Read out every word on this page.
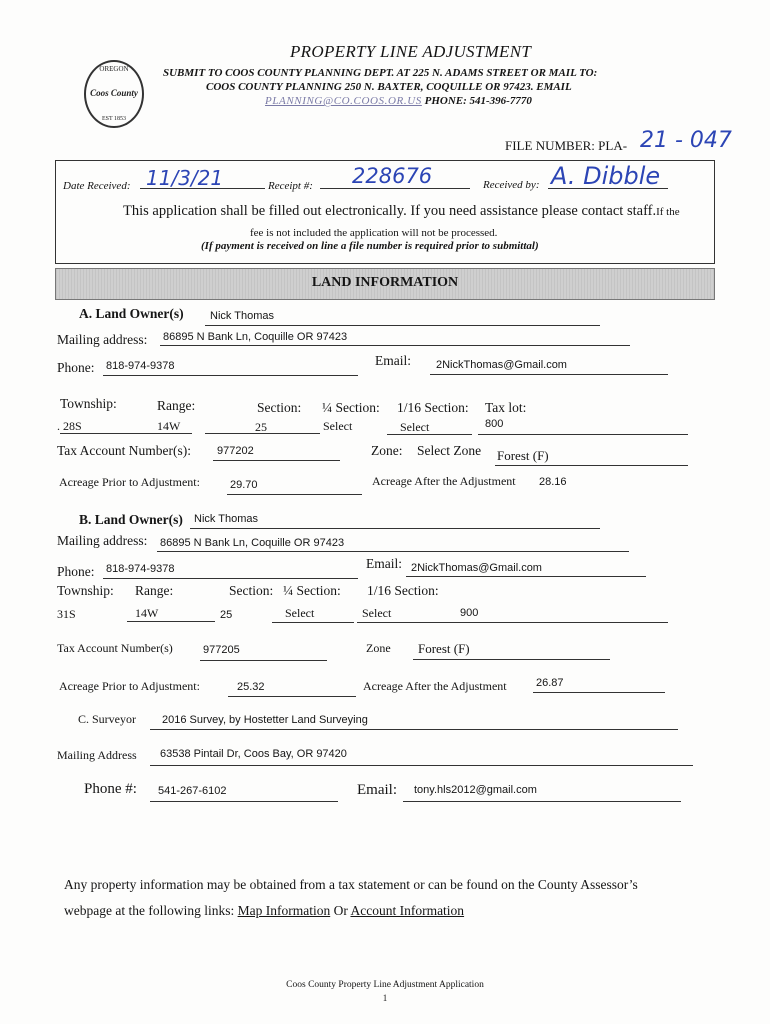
OREGON
Coos County
EST 1853
PROPERTY LINE ADJUSTMENT
SUBMIT TO COOS COUNTY PLANNING DEPT. AT 225 N. ADAMS STREET OR MAIL TO:
COOS COUNTY PLANNING 250 N. BAXTER, COQUILLE OR 97423. EMAIL
PLANNING@CO.COOS.OR.US PHONE: 541-396-7770
FILE NUMBER: PLA- 21 - 047
Date Received: 11/3/21	Receipt #: 228676	Received by: A. Dibble
This application shall be filled out electronically. If you need assistance please contact staff.If the
fee is not included the application will not be processed.
(If payment is received on line a file number is required prior to submittal)
LAND INFORMATION
A. Land Owner(s) Nick Thomas
Mailing address: 86895 N Bank Ln, Coquille OR 97423
Phone: 818-974-9378	Email: 2NickThomas@Gmail.com
Township:	Range:	Section: ¼ Section: 1/16 Section: Tax lot:
. 28S	14W	25	Select	Select	800
Tax Account Number(s): 977202	Zone: Select Zone Forest (F)
Acreage Prior to Adjustment:	29.70	Acreage After the Adjustment 28.16
B. Land Owner(s) Nick Thomas
Mailing address: 86895 N Bank Ln, Coquille OR 97423
Phone: 818-974-9378	Email: 2NickThomas@Gmail.com
Township: Range:	Section: ¼ Section: 1/16 Section:
31S	14W	25	Select	Select	900
Tax Account Number(s)	977205	Zone Forest (F)
Acreage Prior to Adjustment:	25.32	Acreage After the Adjustment	26.87
C. Surveyor 2016 Survey, by Hostetter Land Surveying
Mailing Address 63538 Pintail Dr, Coos Bay, OR 97420
Phone #: 541-267-6102	Email: tony.hls2012@gmail.com
Any property information may be obtained from a tax statement or can be found on the County Assessor’s
webpage at the following links: Map Information Or Account Information
Coos County Property Line Adjustment Application
1
